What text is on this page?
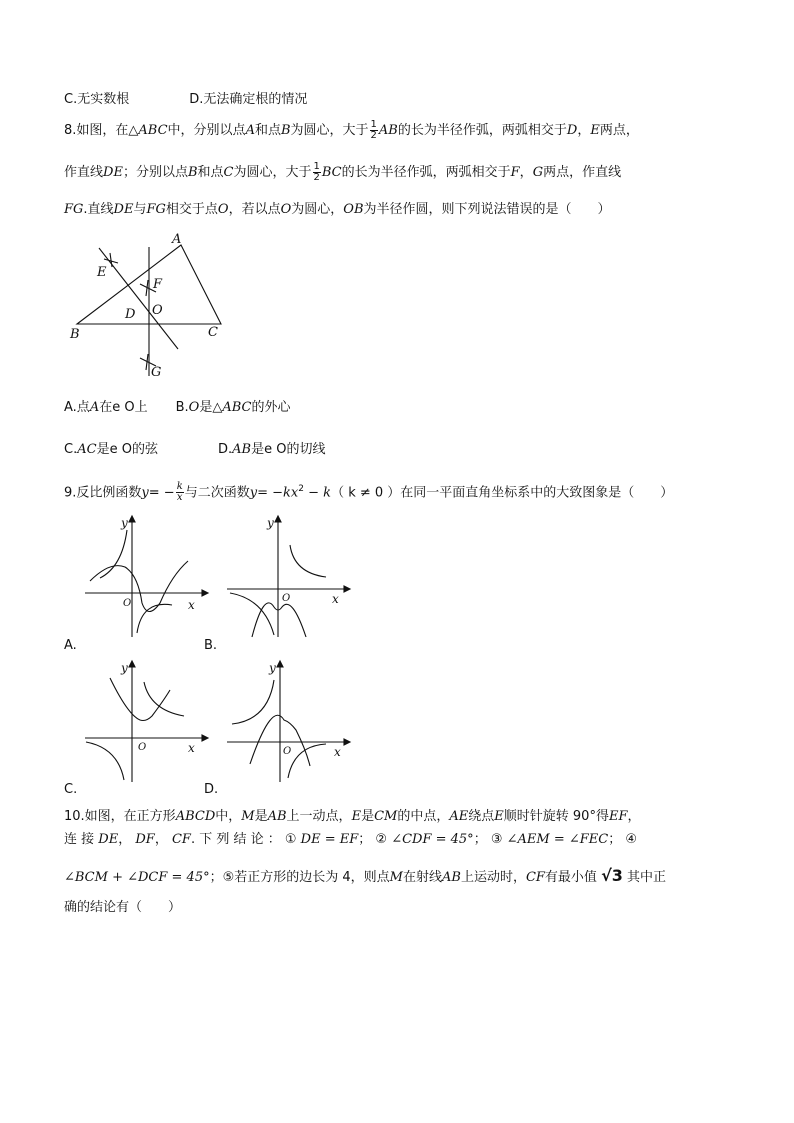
C.无实数根	D.无法确定根的情况
8.如图，在△ABC中，分别以点A和点B为圆心，大于 $\frac{1}{2}$ AB的长为半径作弧，两弧相交于D，E两点，
作直线DE；分别以点B和点C为圆心，大于 $\frac{1}{2}$ BC的长为半径作弧，两弧相交于F，G两点，作直线
FG.直线DE与FG相交于点O，若以点O为圆心，OB为半径作圆，则下列说法错误的是（　　）
A
B	C
E
F
D O
G
A.点A在e O上 B.O是△ABC的外心
C.AC是e O的弦	D.AB是e O的切线
9.反比例函数$y= - \frac{k}{x}$ 与二次函数$y= -kx^2 - k$（ k ≠ 0 ）在同一平面直角坐标系中的大致图象是（　　）
y
x
O
A.
y
x
O
B.
y
x
O
C.
y
x
O
D.
10.如图，在正方形ABCD中，M是AB上一动点，E是CM的中点，AE绕点E顺时针旋转 90°得EF，
连 接 DE， DF， CF. 下 列 结 论 ： ① DE = EF； ② ∠CDF = 45°； ③ ∠AEM = ∠FEC； ④
∠BCM + ∠DCF = 45°；⑤若正方形的边长为 4，则点M在射线AB上运动时，CF有最小值 √3 其中正
确的结论有（　　）
